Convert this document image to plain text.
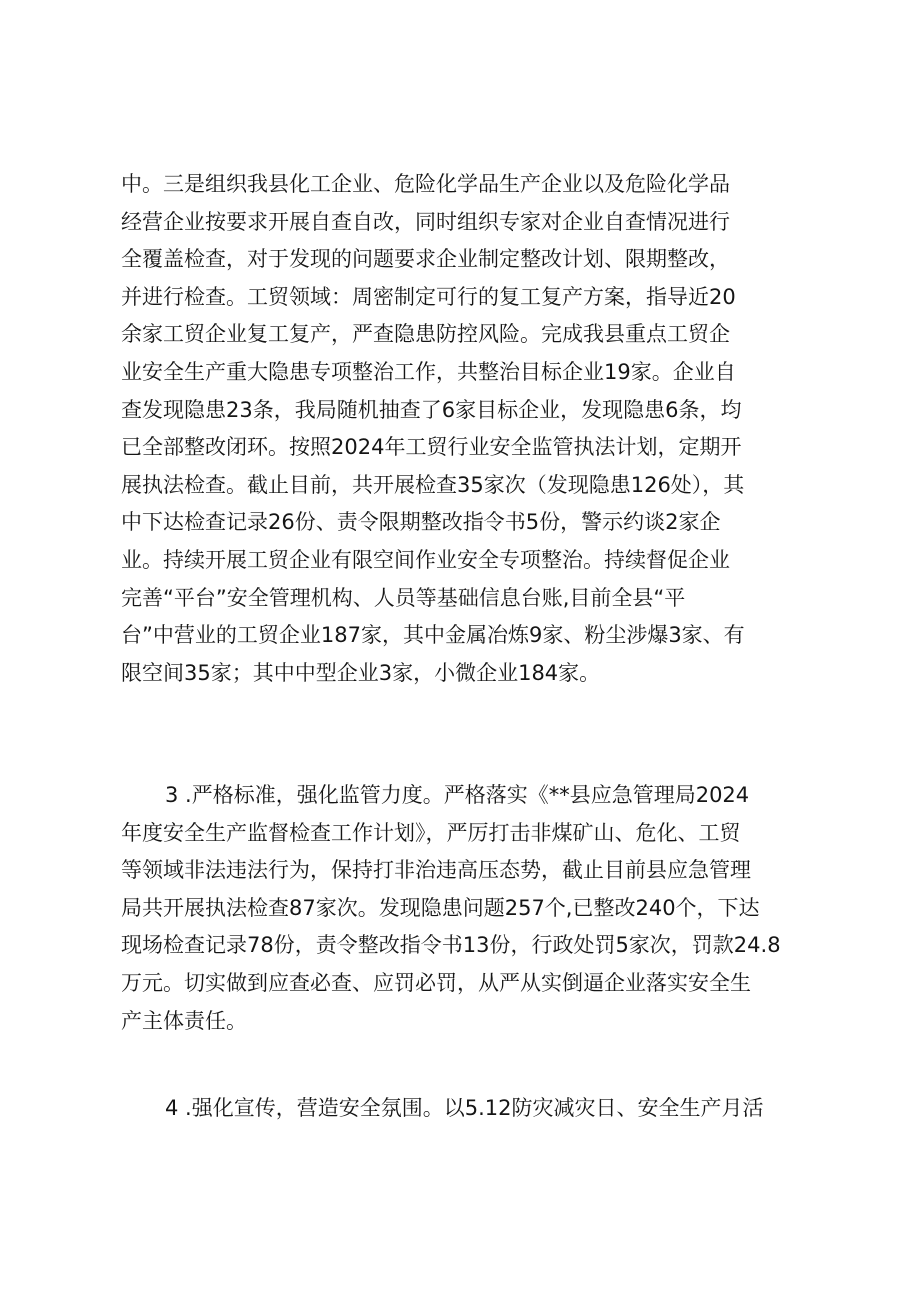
中。三是组织我县化工企业、危险化学品生产企业以及危险化学品
经营企业按要求开展自查自改，同时组织专家对企业自查情况进行
全覆盖检查，对于发现的问题要求企业制定整改计划、限期整改，
并进行检查。工贸领域：周密制定可行的复工复产方案，指导近20
余家工贸企业复工复产，严查隐患防控风险。完成我县重点工贸企
业安全生产重大隐患专项整治工作，共整治目标企业19家。企业自
查发现隐患23条，我局随机抽查了6家目标企业，发现隐患6条，均
已全部整改闭环。按照2024年工贸行业安全监管执法计划，定期开
展执法检查。截止目前，共开展检查35家次（发现隐患126处），其
中下达检查记录26份、责令限期整改指令书5份，警示约谈2家企
业。持续开展工贸企业有限空间作业安全专项整治。持续督促企业
完善“平台”安全管理机构、人员等基础信息台账,目前全县“平
台”中营业的工贸企业187家，其中金属冶炼9家、粉尘涉爆3家、有
限空间35家；其中中型企业3家，小微企业184家。
3 .严格标准，强化监管力度。严格落实《**县应急管理局2024
年度安全生产监督检查工作计划》，严厉打击非煤矿山、危化、工贸
等领域非法违法行为，保持打非治违高压态势，截止目前县应急管理
局共开展执法检查87家次。发现隐患问题257个,已整改240个，下达
现场检查记录78份，责令整改指令书13份，行政处罚5家次，罚款24.8
万元。切实做到应查必查、应罚必罚，从严从实倒逼企业落实安全生
产主体责任。
4 .强化宣传，营造安全氛围。以5.12防灾减灾日、安全生产月活
